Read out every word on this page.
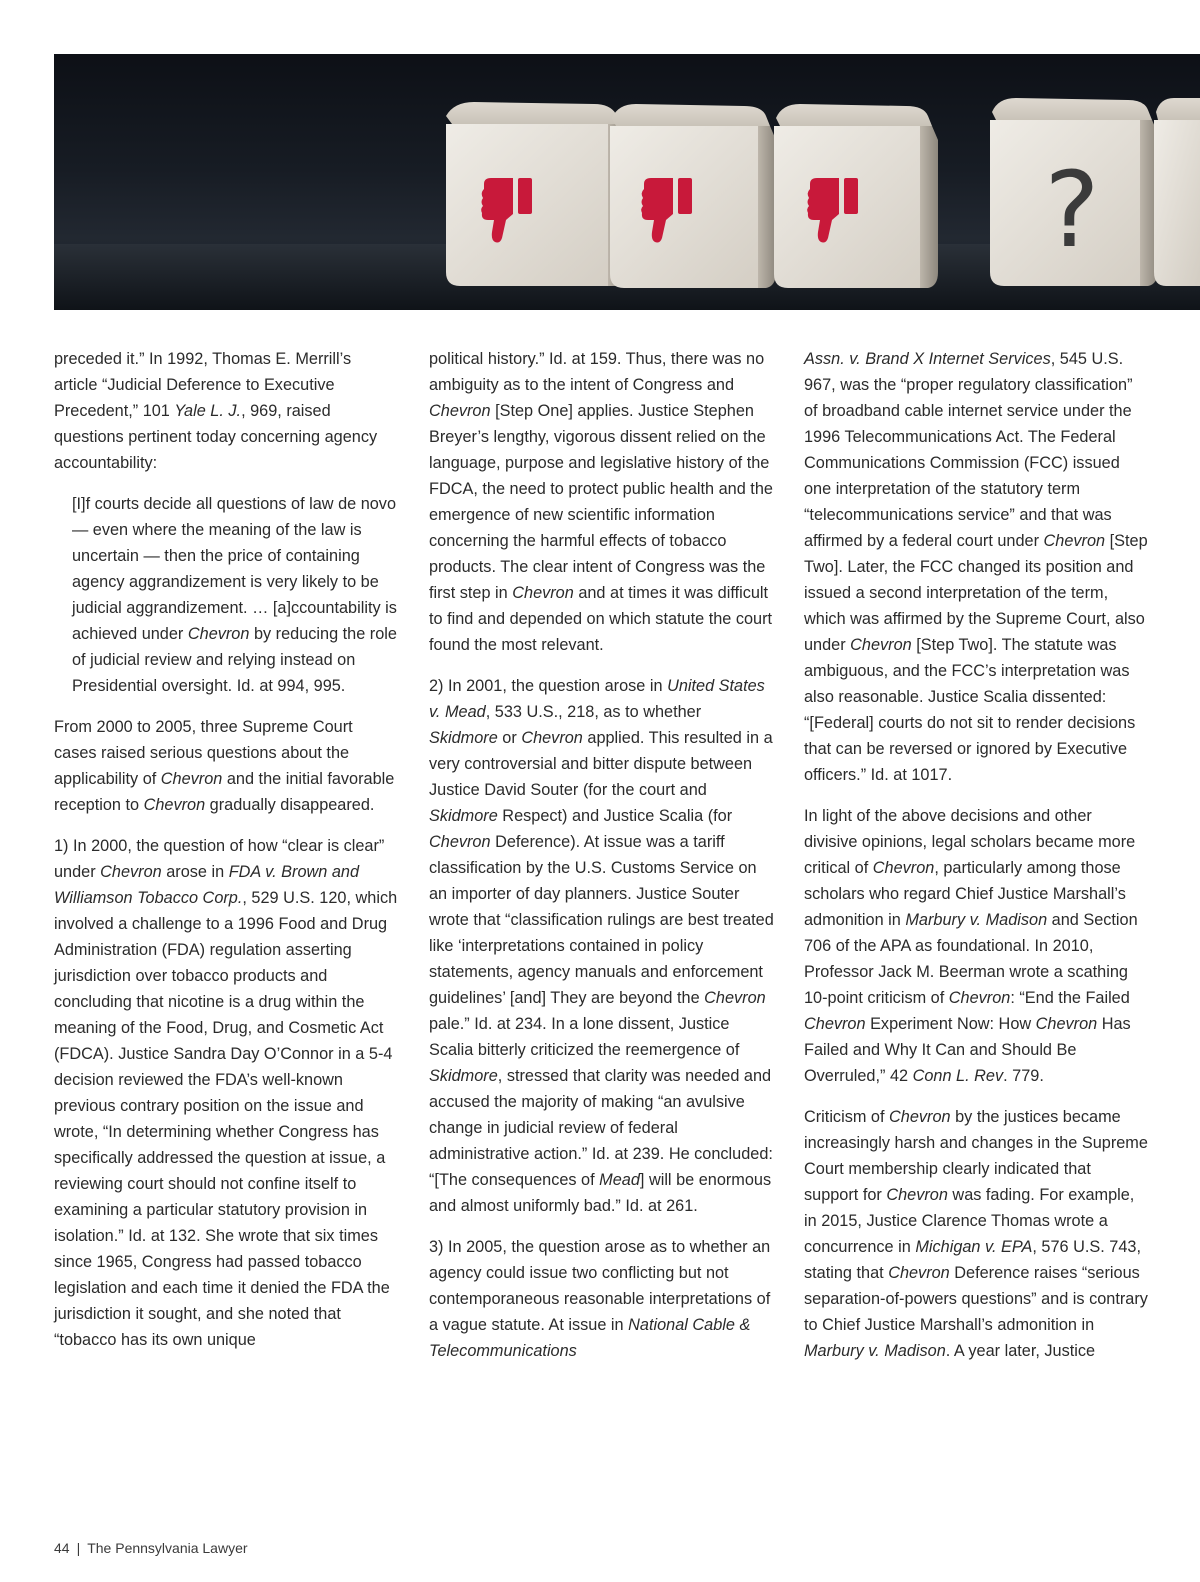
?

preceded it.” In 1992, Thomas E. Merrill’s article “Judicial Deference to Executive Precedent,” 101 Yale L. J., 969, raised questions pertinent today concerning agency accountability:

[I]f courts decide all questions of law de novo — even where the meaning of the law is uncertain — then the price of containing agency aggrandizement is very likely to be judicial aggrandizement. … [a]ccountability is achieved under Chevron by reducing the role of judicial review and relying instead on Presidential oversight. Id. at 994, 995.

From 2000 to 2005, three Supreme Court cases raised serious questions about the applicability of Chevron and the initial favorable reception to Chevron gradually disappeared.

1) In 2000, the question of how “clear is clear” under Chevron arose in FDA v. Brown and Williamson Tobacco Corp., 529 U.S. 120, which involved a challenge to a 1996 Food and Drug Administration (FDA) regulation asserting jurisdiction over tobacco products and concluding that nicotine is a drug within the meaning of the Food, Drug, and Cosmetic Act (FDCA). Justice Sandra Day O’Connor in a 5-4 decision reviewed the FDA’s well-known previous contrary position on the issue and wrote, “In determining whether Congress has specifically addressed the question at issue, a reviewing court should not confine itself to examining a particular statutory provision in isolation.” Id. at 132. She wrote that six times since 1965, Congress had passed tobacco legislation and each time it denied the FDA the jurisdiction it sought, and she noted that “tobacco has its own unique

political history.” Id. at 159. Thus, there was no ambiguity as to the intent of Congress and Chevron [Step One] applies. Justice Stephen Breyer’s lengthy, vigorous dissent relied on the language, purpose and legislative history of the FDCA, the need to protect public health and the emergence of new scientific information concerning the harmful effects of tobacco products. The clear intent of Congress was the first step in Chevron and at times it was difficult to find and depended on which statute the court found the most relevant.

2) In 2001, the question arose in United States v. Mead, 533 U.S., 218, as to whether Skidmore or Chevron applied. This resulted in a very controversial and bitter dispute between Justice David Souter (for the court and Skidmore Respect) and Justice Scalia (for Chevron Deference). At issue was a tariff classification by the U.S. Customs Service on an importer of day planners. Justice Souter wrote that “classification rulings are best treated like ‘interpretations contained in policy statements, agency manuals and enforcement guidelines’ [and] They are beyond the Chevron pale.” Id. at 234. In a lone dissent, Justice Scalia bitterly criticized the reemergence of Skidmore, stressed that clarity was needed and accused the majority of making “an avulsive change in judicial review of federal administrative action.” Id. at 239. He concluded: “[The consequences of Mead] will be enormous and almost uniformly bad.” Id. at 261.

3) In 2005, the question arose as to whether an agency could issue two conflicting but not contemporaneous reasonable interpretations of a vague statute. At issue in National Cable & Telecommunications

Assn. v. Brand X Internet Services, 545 U.S. 967, was the “proper regulatory classification” of broadband cable internet service under the 1996 Telecommunications Act. The Federal Communications Commission (FCC) issued one interpretation of the statutory term “telecommunications service” and that was affirmed by a federal court under Chevron [Step Two]. Later, the FCC changed its position and issued a second interpretation of the term, which was affirmed by the Supreme Court, also under Chevron [Step Two]. The statute was ambiguous, and the FCC’s interpretation was also reasonable. Justice Scalia dissented: “[Federal] courts do not sit to render decisions that can be reversed or ignored by Executive officers.” Id. at 1017.

In light of the above decisions and other divisive opinions, legal scholars became more critical of Chevron, particularly among those scholars who regard Chief Justice Marshall’s admonition in Marbury v. Madison and Section 706 of the APA as foundational. In 2010, Professor Jack M. Beerman wrote a scathing 10-point criticism of Chevron: “End the Failed Chevron Experiment Now: How Chevron Has Failed and Why It Can and Should Be Overruled,” 42 Conn L. Rev. 779.

Criticism of Chevron by the justices became increasingly harsh and changes in the Supreme Court membership clearly indicated that support for Chevron was fading. For example, in 2015, Justice Clarence Thomas wrote a concurrence in Michigan v. EPA, 576 U.S. 743, stating that Chevron Deference raises “serious separation-of-powers questions” and is contrary to Chief Justice Marshall’s admonition in Marbury v. Madison. A year later, Justice

44 | The Pennsylvania Lawyer
